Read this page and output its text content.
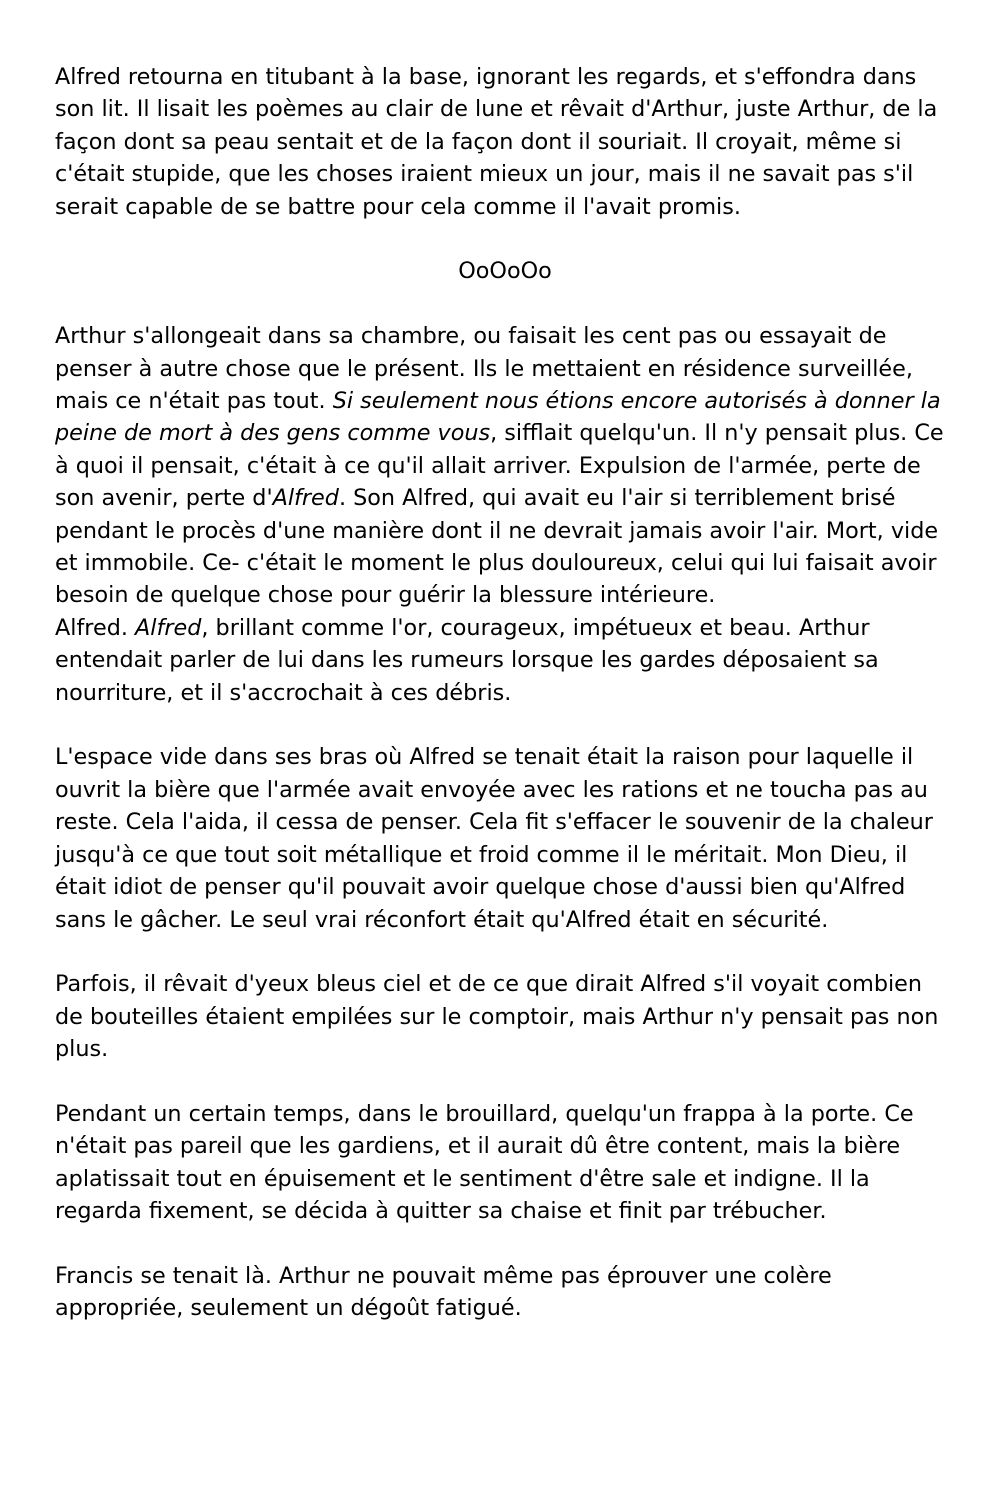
Alfred retourna en titubant à la base, ignorant les regards, et s'effondra dans son lit. Il lisait les poèmes au clair de lune et rêvait d'Arthur, juste Arthur, de la façon dont sa peau sentait et de la façon dont il souriait. Il croyait, même si c'était stupide, que les choses iraient mieux un jour, mais il ne savait pas s'il serait capable de se battre pour cela comme il l'avait promis.

OoOoOo

Arthur s'allongeait dans sa chambre, ou faisait les cent pas ou essayait de penser à autre chose que le présent. Ils le mettaient en résidence surveillée, mais ce n'était pas tout. Si seulement nous étions encore autorisés à donner la peine de mort à des gens comme vous, sifflait quelqu'un. Il n'y pensait plus. Ce à quoi il pensait, c'était à ce qu'il allait arriver. Expulsion de l'armée, perte de son avenir, perte d'Alfred. Son Alfred, qui avait eu l'air si terriblement brisé pendant le procès d'une manière dont il ne devrait jamais avoir l'air. Mort, vide et immobile. Ce- c'était le moment le plus douloureux, celui qui lui faisait avoir besoin de quelque chose pour guérir la blessure intérieure.

Alfred. Alfred, brillant comme l'or, courageux, impétueux et beau. Arthur entendait parler de lui dans les rumeurs lorsque les gardes déposaient sa nourriture, et il s'accrochait à ces débris.

L'espace vide dans ses bras où Alfred se tenait était la raison pour laquelle il ouvrit la bière que l'armée avait envoyée avec les rations et ne toucha pas au reste. Cela l'aida, il cessa de penser. Cela fit s'effacer le souvenir de la chaleur jusqu'à ce que tout soit métallique et froid comme il le méritait. Mon Dieu, il était idiot de penser qu'il pouvait avoir quelque chose d'aussi bien qu'Alfred sans le gâcher. Le seul vrai réconfort était qu'Alfred était en sécurité.

Parfois, il rêvait d'yeux bleus ciel et de ce que dirait Alfred s'il voyait combien de bouteilles étaient empilées sur le comptoir, mais Arthur n'y pensait pas non plus.

Pendant un certain temps, dans le brouillard, quelqu'un frappa à la porte. Ce n'était pas pareil que les gardiens, et il aurait dû être content, mais la bière aplatissait tout en épuisement et le sentiment d'être sale et indigne. Il la regarda fixement, se décida à quitter sa chaise et finit par trébucher.

Francis se tenait là. Arthur ne pouvait même pas éprouver une colère appropriée, seulement un dégoût fatigué.
